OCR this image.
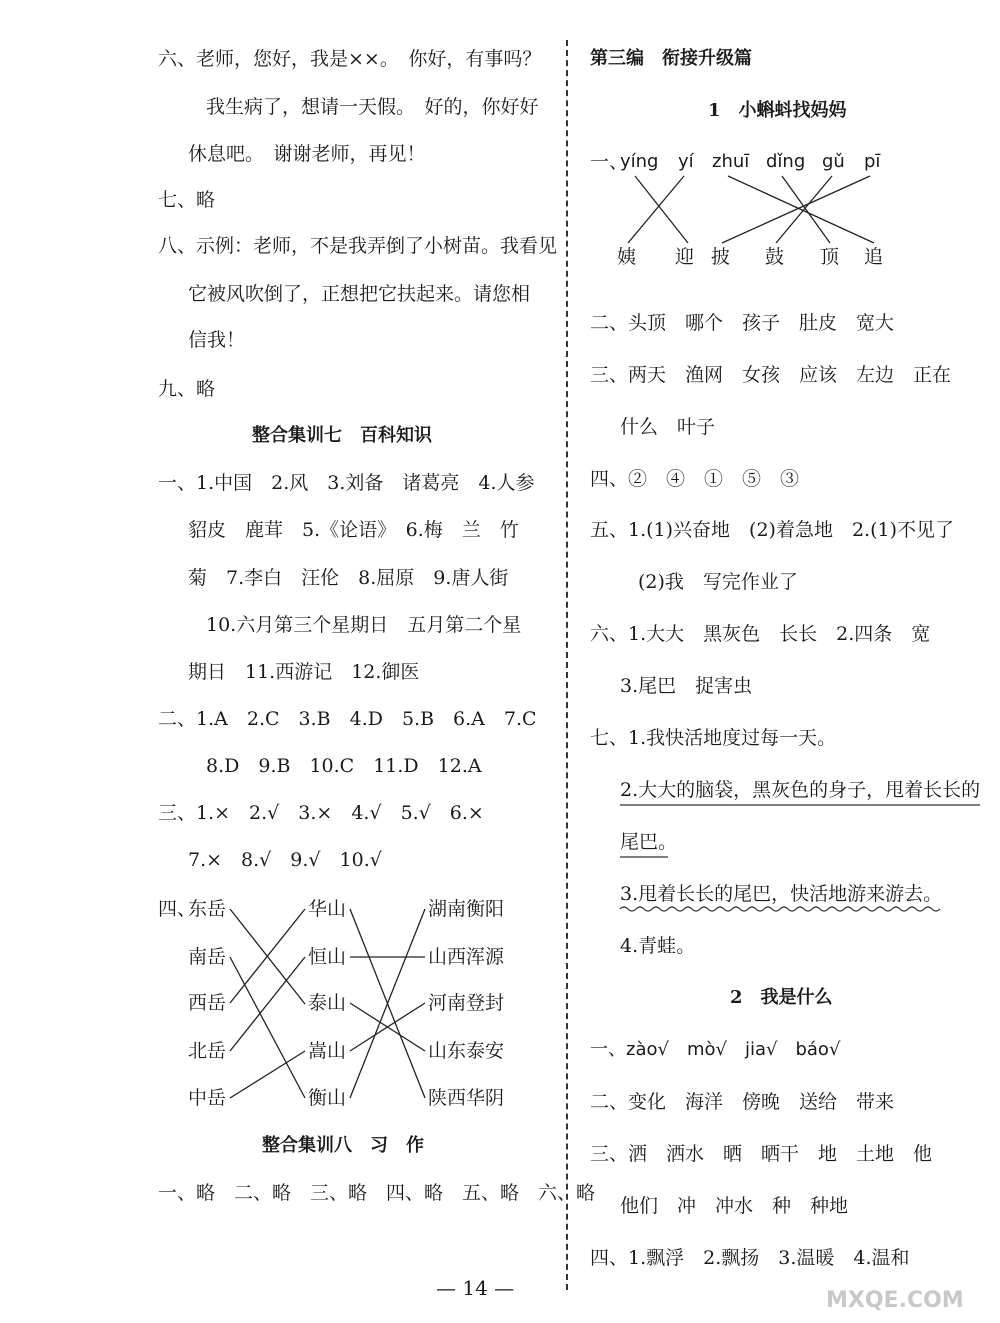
六、老师，您好，我是××。　你好，有事吗？
我生病了，想请一天假。　好的，你好好
休息吧。　谢谢老师，再见！
七、略
八、示例：老师，不是我弄倒了小树苗。我看见
它被风吹倒了，正想把它扶起来。请您相
信我！
九、略
整合集训七　百科知识
一、1.中国　2.风　3.刘备　诸葛亮　4.人参
貂皮　鹿茸　5.《论语》　6.梅　兰　竹
菊　7.李白　汪伦　8.屈原　9.唐人街
10.六月第三个星期日　五月第二个星
期日　11.西游记　12.御医
二、1.A　2.C　3.B　4.D　5.B　6.A　7.C
8.D　9.B　10.C　11.D　12.A
三、1.×　2.√　3.×　4.√　5.√　6.×
7.×　8.√　9.√　10.√
四、
东岳
南岳
西岳
北岳
中岳
华山
恒山
泰山
嵩山
衡山
湖南衡阳
山西浑源
河南登封
山东泰安
陕西华阴
整合集训八　习　作
一、略　二、略　三、略　四、略　五、略　六、略
第三编　衔接升级篇
1　小蝌蚪找妈妈
一、
yíng yí zhuī dǐng gǔ pī
姨 迎 披 鼓 顶 追
二、头顶　哪个　孩子　肚皮　宽大
三、两天　渔网　女孩　应该　左边　正在
什么　叶子
四、②　④　①　⑤　③
五、1.(1)兴奋地　(2)着急地　2.(1)不见了
(2)我　写完作业了
六、1.大大　黑灰色　长长　2.四条　宽
3.尾巴　捉害虫
七、1.我快活地度过每一天。
2.大大的脑袋，黑灰色的身子，甩着长长的
尾巴。
3.甩着长长的尾巴，快活地游来游去。
4.青蛙。
2　我是什么
一、zào√　mò√　jia√　báo√
二、变化　海洋　傍晚　送给　带来
三、洒　洒水　晒　晒干　地　土地　他
他们　冲　冲水　种　种地
四、1.飘浮　2.飘扬　3.温暖　4.温和
— 14 —	MXQE.COM
